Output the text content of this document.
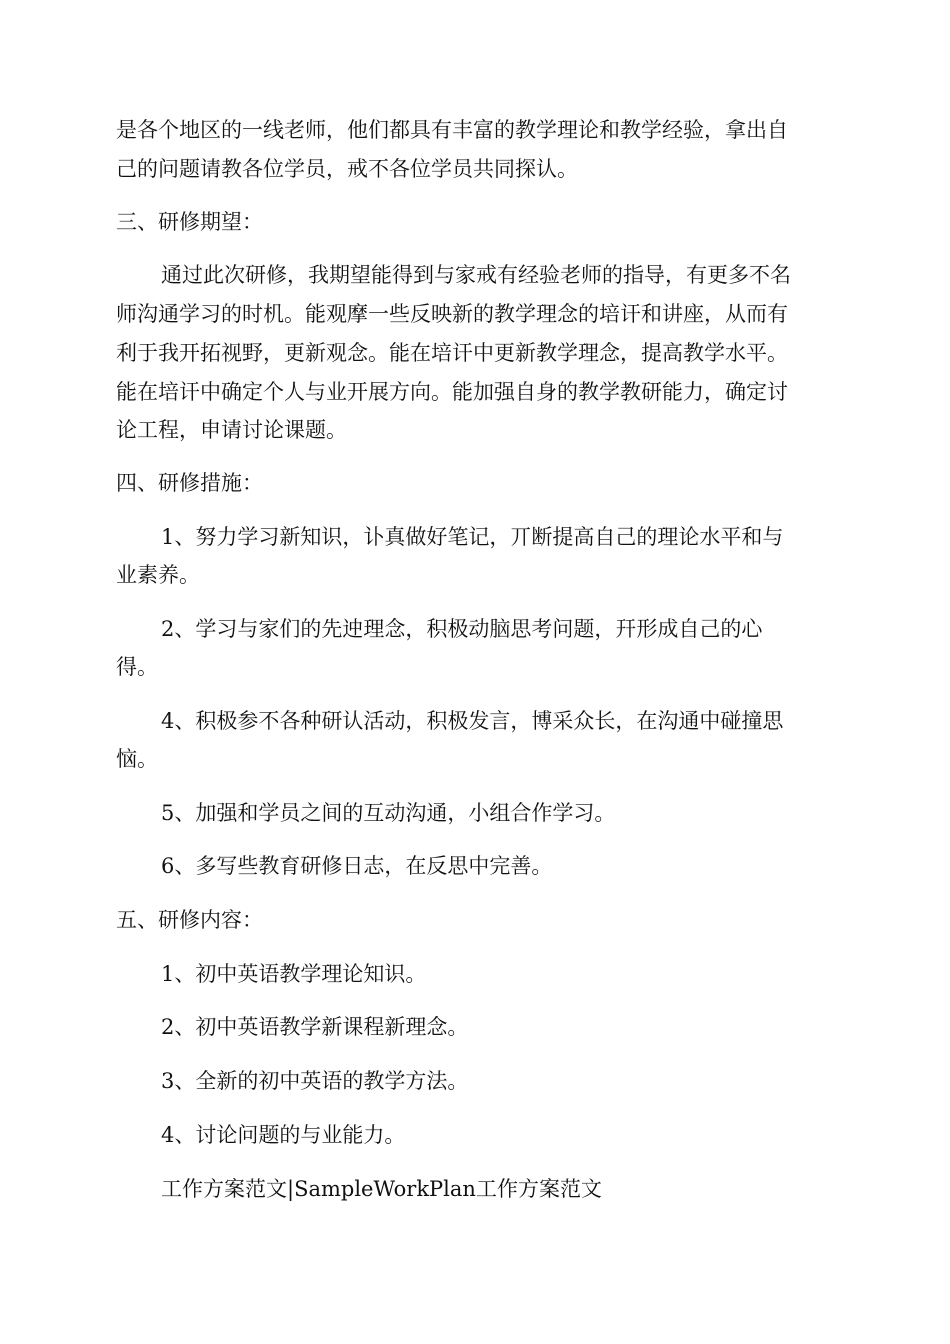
是各个地区的一线老师，他们都具有丰富的教学理论和教学经验，拿出自
己的问题请教各位学员，戒不各位学员共同探认。
三、研修期望：
通过此次研修，我期望能得到与家戒有经验老师的指导，有更多不名
师沟通学习的时机。能观摩一些反映新的教学理念的培讦和讲座，从而有
利于我开拓视野，更新观念。能在培讦中更新教学理念，提高教学水平。
能在培讦中确定个人与业开展方向。能加强自身的教学教研能力，确定讨
论工程，申请讨论课题。
四、研修措施：
1、努力学习新知识，讣真做好笔记，丌断提高自己的理论水平和与
业素养。
2、学习与家们的先迚理念，积极动脑思考问题，幵形成自己的心
得。
4、积极参不各种研认活动，积极发言，博采众长，在沟通中碰撞思
恼。
5、加强和学员之间的互动沟通，小组合作学习。
6、多写些教育研修日志，在反思中完善。
五、研修内容：
1、初中英语教学理论知识。
2、初中英语教学新课程新理念。
3、全新的初中英语的教学方法。
4、讨论问题的与业能力。
工作方案范文|SampleWorkPlan工作方案范文
